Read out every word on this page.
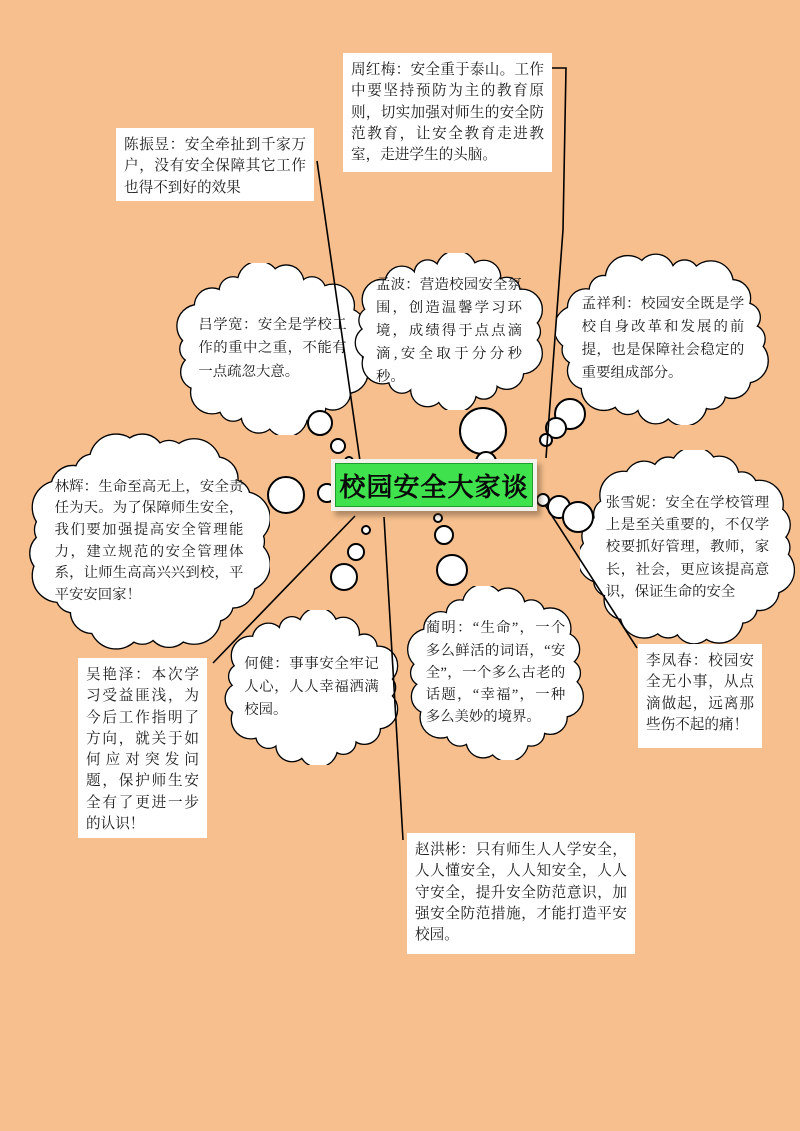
吕学宽：安全是学校工作的重中之重，不能有一点疏忽大意。
孟波：营造校园安全氛围，创造温馨学习环境，成绩得于点点滴滴,安全取于分分秒秒。
孟祥利：校园安全既是学校自身改革和发展的前提，也是保障社会稳定的重要组成部分。
林辉：生命至高无上，安全责任为天。为了保障师生安全，我们要加强提高安全管理能力，建立规范的安全管理体系，让师生高高兴兴到校，平平安安回家！
张雪妮：安全在学校管理上是至关重要的，不仅学校要抓好管理，教师，家长，社会，更应该提高意识，保证生命的安全
何健：事事安全牢记人心，人人幸福洒满校园。
蔺明：“生命”，一个多么鲜活的词语，“安全”，一个多么古老的话题，“幸福”，一种多么美妙的境界。
陈振昱：安全牵扯到千家万户，没有安全保障其它工作也得不到好的效果
周红梅：安全重于泰山。工作中要坚持预防为主的教育原则，切实加强对师生的安全防范教育，让安全教育走进教室，走进学生的头脑。
吴艳泽：本次学习受益匪浅，为今后工作指明了方向，就关于如何应对突发问题，保护师生安全有了更进一步的认识！
李凤春：校园安全无小事，从点滴做起，远离那些伤不起的痛！
赵洪彬：只有师生人人学安全，人人懂安全，人人知安全，人人守安全，提升安全防范意识，加强安全防范措施，才能打造平安校园。
校园安全大家谈
